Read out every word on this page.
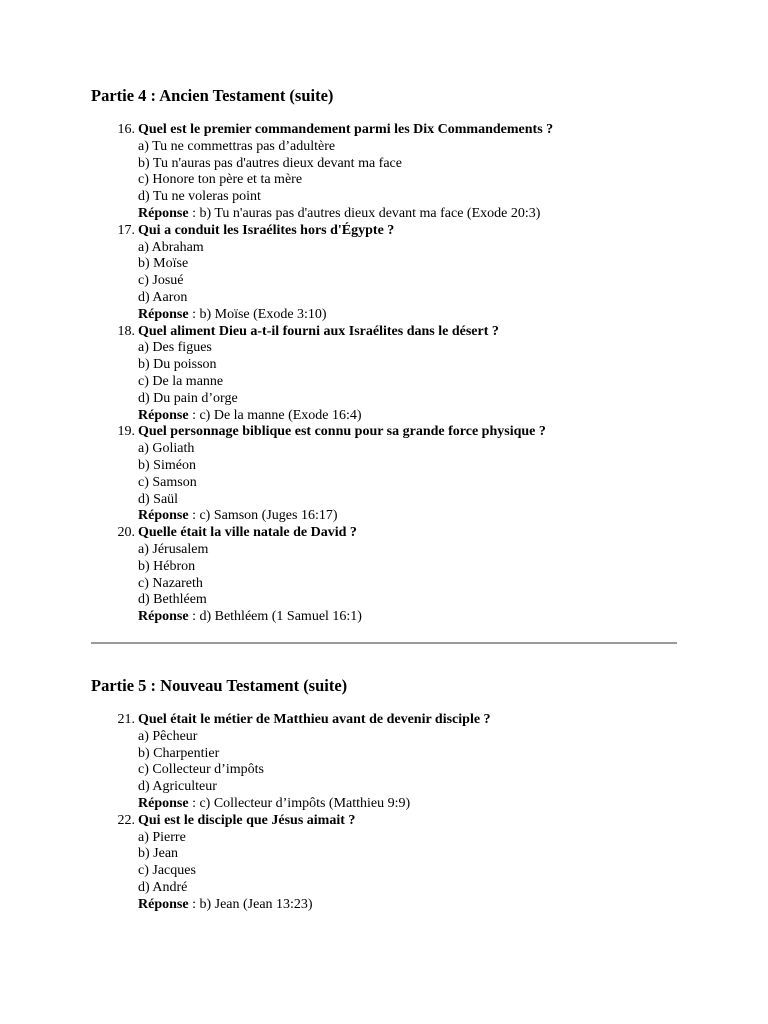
Partie 4 : Ancien Testament (suite)
16. Quel est le premier commandement parmi les Dix Commandements ?
a) Tu ne commettras pas d’adultère
b) Tu n'auras pas d'autres dieux devant ma face
c) Honore ton père et ta mère
d) Tu ne voleras point
Réponse : b) Tu n'auras pas d'autres dieux devant ma face (Exode 20:3)
17. Qui a conduit les Israélites hors d'Égypte ?
a) Abraham
b) Moïse
c) Josué
d) Aaron
Réponse : b) Moïse (Exode 3:10)
18. Quel aliment Dieu a-t-il fourni aux Israélites dans le désert ?
a) Des figues
b) Du poisson
c) De la manne
d) Du pain d’orge
Réponse : c) De la manne (Exode 16:4)
19. Quel personnage biblique est connu pour sa grande force physique ?
a) Goliath
b) Siméon
c) Samson
d) Saül
Réponse : c) Samson (Juges 16:17)
20. Quelle était la ville natale de David ?
a) Jérusalem
b) Hébron
c) Nazareth
d) Bethléem
Réponse : d) Bethléem (1 Samuel 16:1)
Partie 5 : Nouveau Testament (suite)
21. Quel était le métier de Matthieu avant de devenir disciple ?
a) Pêcheur
b) Charpentier
c) Collecteur d’impôts
d) Agriculteur
Réponse : c) Collecteur d’impôts (Matthieu 9:9)
22. Qui est le disciple que Jésus aimait ?
a) Pierre
b) Jean
c) Jacques
d) André
Réponse : b) Jean (Jean 13:23)
